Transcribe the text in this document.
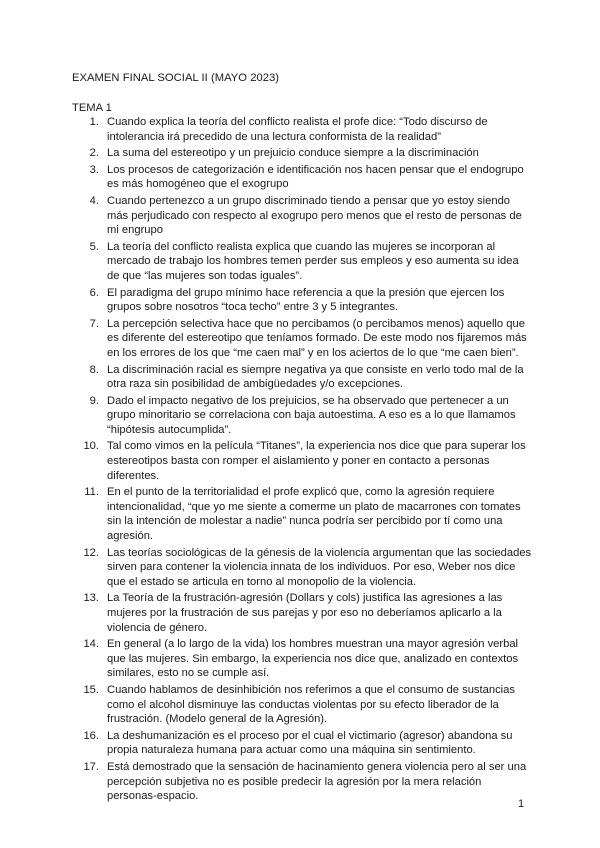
EXAMEN FINAL SOCIAL II (MAYO 2023)
TEMA 1
1. Cuando explica la teoría del conflicto realista el profe dice: “Todo discurso de intolerancia irá precedido de una lectura conformista de la realidad”
2. La suma del estereotipo y un prejuicio conduce siempre a la discriminación
3. Los procesos de categorización e identificación nos hacen pensar que el endogrupo es más homogéneo que el exogrupo
4. Cuando pertenezco a un grupo discriminado tiendo a pensar que yo estoy siendo más perjudicado con respecto al exogrupo pero menos que el resto de personas de mi engrupo
5. La teoría del conflicto realista explica que cuando las mujeres se incorporan al mercado de trabajo los hombres temen perder sus empleos y eso aumenta su idea de que “las mujeres son todas iguales”.
6. El paradigma del grupo mínimo hace referencia a que la presión que ejercen los grupos sobre nosotros “toca techo” entre 3 y 5 integrantes.
7. La percepción selectiva hace que no percibamos (o percibamos menos) aquello que es diferente del estereotipo que teníamos formado. De este modo nos fijaremos más en los errores de los que “me caen mal” y en los aciertos de lo que “me caen bien”.
8. La discriminación racial es siempre negativa ya que consiste en verlo todo mal de la otra raza sin posibilidad de ambigüedades y/o excepciones.
9. Dado el impacto negativo de los prejuicios, se ha observado que pertenecer a un grupo minoritario se correlaciona con baja autoestima. A eso es a lo que llamamos “hipótesis autocumplida”.
10. Tal como vimos en la película “Titanes”, la experiencia nos dice que para superar los estereotipos basta con romper el aislamiento y poner en contacto a personas diferentes.
11. En el punto de la territorialidad el profe explicó que, como la agresión requiere intencionalidad, “que yo me siente a comerme un plato de macarrones con tomates sin la intención de molestar a nadie” nunca podría ser percibido por tí como una agresión.
12. Las teorías sociológicas de la génesis de la violencia argumentan que las sociedades sirven para contener la violencia innata de los individuos. Por eso, Weber nos dice que el estado se articula en torno al monopolio de la violencia.
13. La Teoría de la frustración-agresión (Dollars y cols) justifica las agresiones a las mujeres por la frustración de sus parejas y por eso no deberíamos aplicarlo a la violencia de género.
14. En general (a lo largo de la vida) los hombres muestran una mayor agresión verbal que las mujeres. Sin embargo, la experiencia nos dice que, analizado en contextos similares, esto no se cumple así.
15. Cuando hablamos de desinhibición nos referimos a que el consumo de sustancias como el alcohol disminuye las conductas violentas por su efecto liberador de la frustración. (Modelo general de la Agresión).
16. La deshumanización es el proceso por el cual el victimario (agresor) abandona su propia naturaleza humana para actuar como una máquina sin sentimiento.
17. Está demostrado que la sensación de hacinamiento genera violencia pero al ser una percepción subjetiva no es posible predecir la agresión por la mera relación personas-espacio.
1
